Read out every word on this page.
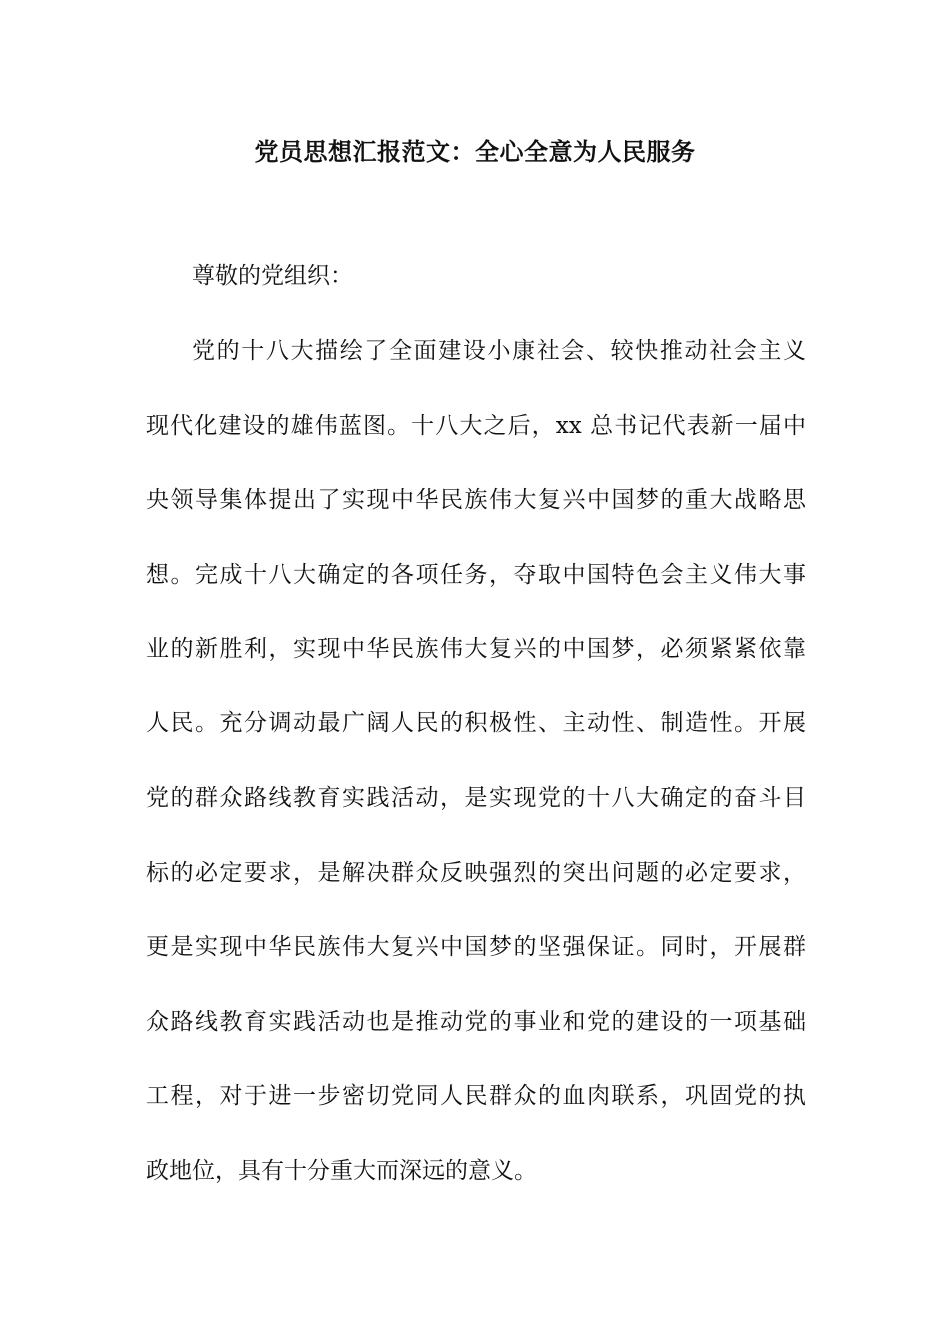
党员思想汇报范文：全心全意为人民服务
尊敬的党组织：
党的十八大描绘了全面建设小康社会、较快推动社会主义
现代化建设的雄伟蓝图。十八大之后，xx 总书记代表新一届中
央领导集体提出了实现中华民族伟大复兴中国梦的重大战略思
想。完成十八大确定的各项任务，夺取中国特色会主义伟大事
业的新胜利，实现中华民族伟大复兴的中国梦，必须紧紧依靠
人民。充分调动最广阔人民的积极性、主动性、制造性。开展
党的群众路线教育实践活动，是实现党的十八大确定的奋斗目
标的必定要求，是解决群众反映强烈的突出问题的必定要求，
更是实现中华民族伟大复兴中国梦的坚强保证。同时，开展群
众路线教育实践活动也是推动党的事业和党的建设的一项基础
工程，对于进一步密切党同人民群众的血肉联系，巩固党的执
政地位，具有十分重大而深远的意义。
